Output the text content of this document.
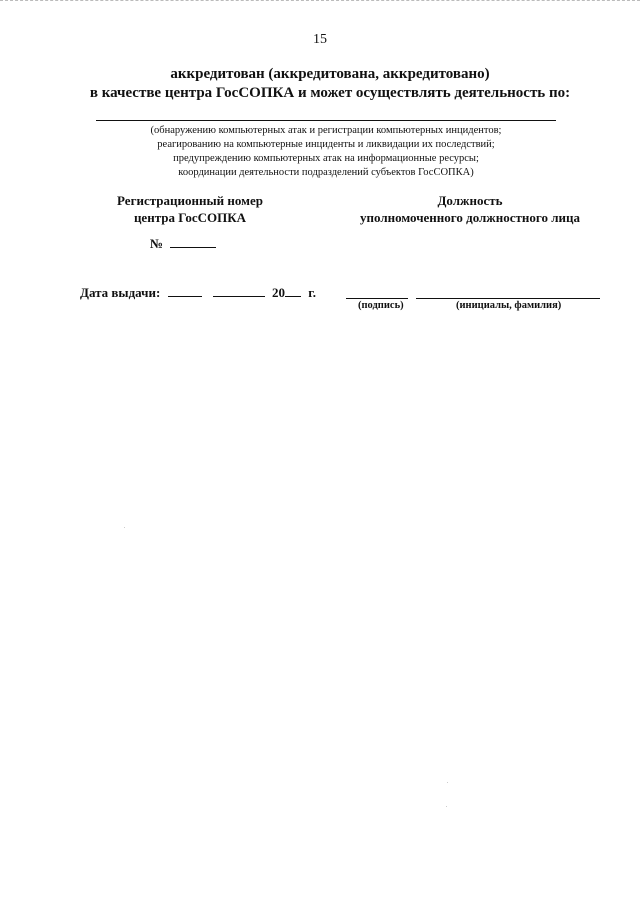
15
аккредитован (аккредитована, аккредитовано)
в качестве центра ГосСОПКА и может осуществлять деятельность по:
(обнаружению компьютерных атак и регистрации компьютерных инцидентов;
реагированию на компьютерные инциденты и ликвидации их последствий;
предупреждению компьютерных атак на информационные ресурсы;
координации деятельности подразделений субъектов ГосСОПКА)
Регистрационный номер
центра ГосСОПКА
Должность
уполномоченного должностного лица
№
Дата выдачи:	20 г.
(подпись)	(инициалы, фамилия)
